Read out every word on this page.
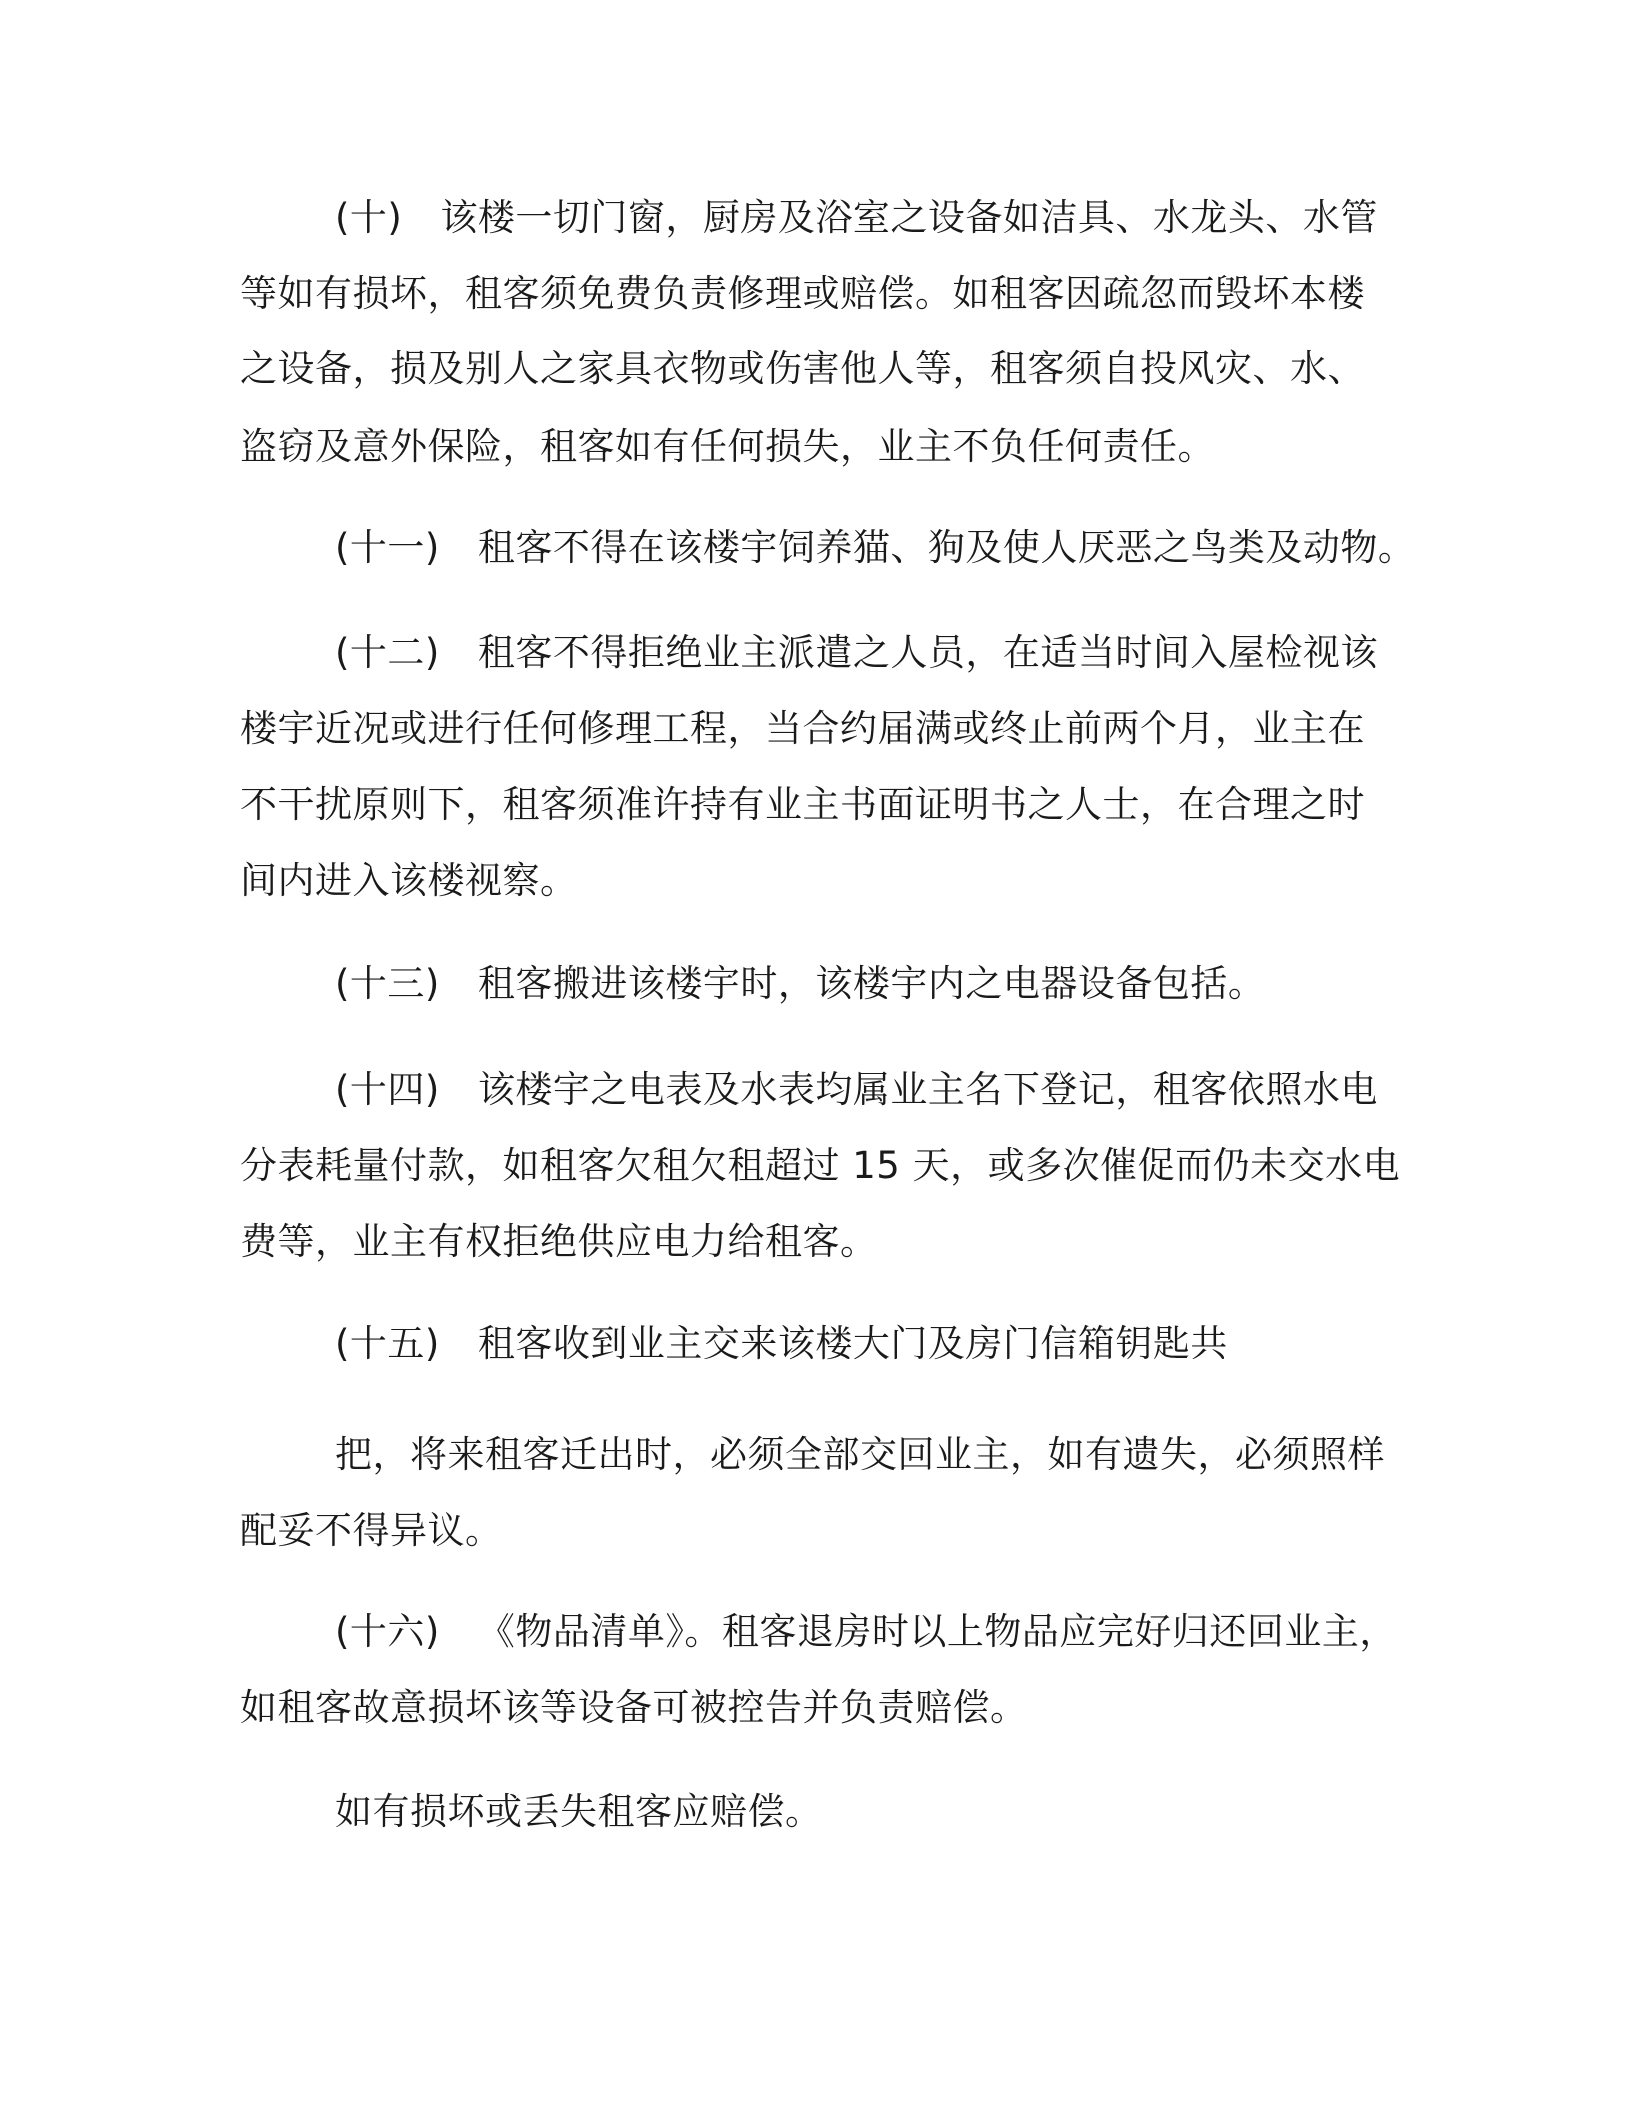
(十) 该楼一切门窗，厨房及浴室之设备如洁具、水龙头、水管
等如有损坏，租客须免费负责修理或赔偿。如租客因疏忽而毁坏本楼
之设备，损及别人之家具衣物或伤害他人等，租客须自投风灾、水、
盗窃及意外保险，租客如有任何损失，业主不负任何责任。
(十一) 租客不得在该楼宇饲养猫、狗及使人厌恶之鸟类及动物。
(十二) 租客不得拒绝业主派遣之人员，在适当时间入屋检视该
楼宇近况或进行任何修理工程，当合约届满或终止前两个月，业主在
不干扰原则下，租客须准许持有业主书面证明书之人士，在合理之时
间内进入该楼视察。
(十三) 租客搬进该楼宇时，该楼宇内之电器设备包括。
(十四) 该楼宇之电表及水表均属业主名下登记，租客依照水电
分表耗量付款，如租客欠租欠租超过 15 天，或多次催促而仍未交水电
费等，业主有权拒绝供应电力给租客。
(十五) 租客收到业主交来该楼大门及房门信箱钥匙共
把，将来租客迁出时，必须全部交回业主，如有遗失，必须照样
配妥不得异议。
(十六) 《物品清单》。租客退房时以上物品应完好归还回业主，
如租客故意损坏该等设备可被控告并负责赔偿。
如有损坏或丢失租客应赔偿。
